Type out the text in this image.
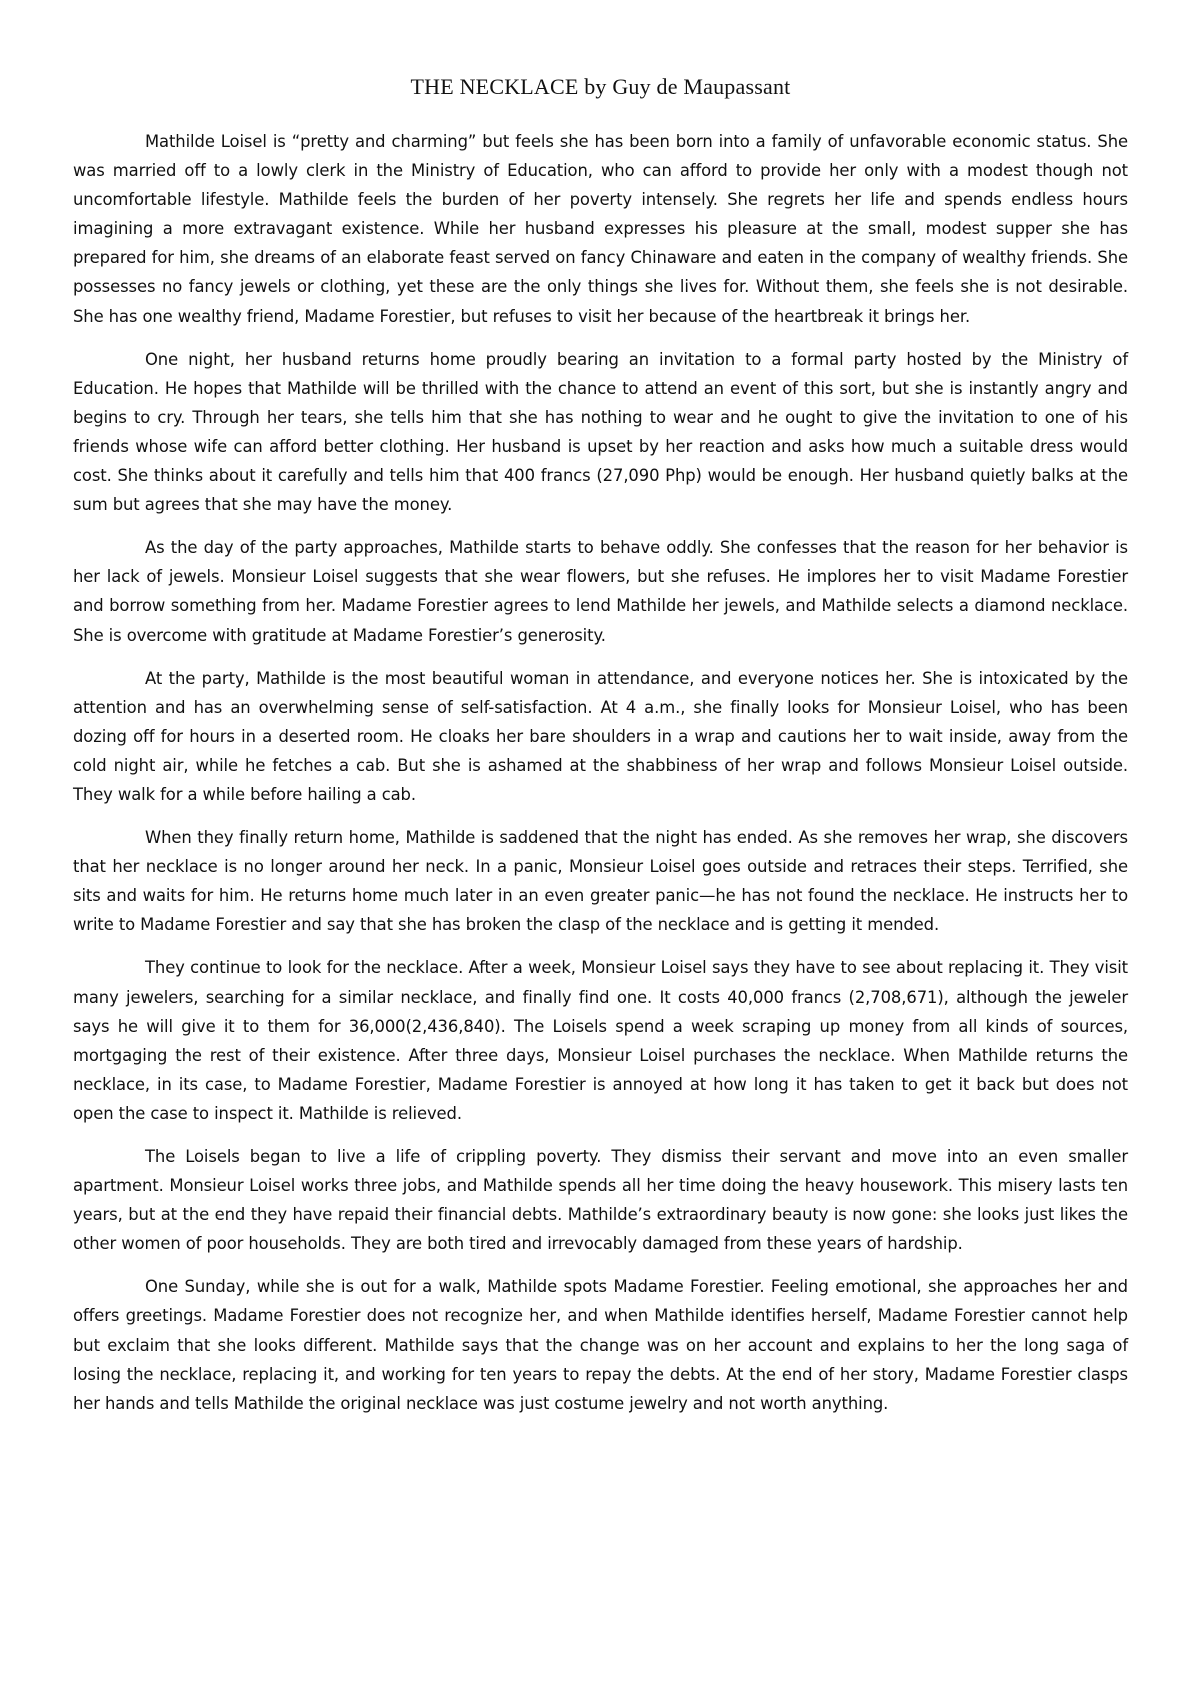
THE NECKLACE by Guy de Maupassant

Mathilde Loisel is “pretty and charming” but feels she has been born into a family of unfavorable economic status. She was married off to a lowly clerk in the Ministry of Education, who can afford to provide her only with a modest though not uncomfortable lifestyle. Mathilde feels the burden of her poverty intensely. She regrets her life and spends endless hours imagining a more extravagant existence. While her husband expresses his pleasure at the small, modest supper she has prepared for him, she dreams of an elaborate feast served on fancy Chinaware and eaten in the company of wealthy friends. She possesses no fancy jewels or clothing, yet these are the only things she lives for. Without them, she feels she is not desirable. She has one wealthy friend, Madame Forestier, but refuses to visit her because of the heartbreak it brings her.

One night, her husband returns home proudly bearing an invitation to a formal party hosted by the Ministry of Education. He hopes that Mathilde will be thrilled with the chance to attend an event of this sort, but she is instantly angry and begins to cry. Through her tears, she tells him that she has nothing to wear and he ought to give the invitation to one of his friends whose wife can afford better clothing. Her husband is upset by her reaction and asks how much a suitable dress would cost. She thinks about it carefully and tells him that 400 francs (27,090 Php) would be enough. Her husband quietly balks at the sum but agrees that she may have the money.

As the day of the party approaches, Mathilde starts to behave oddly. She confesses that the reason for her behavior is her lack of jewels. Monsieur Loisel suggests that she wear flowers, but she refuses. He implores her to visit Madame Forestier and borrow something from her. Madame Forestier agrees to lend Mathilde her jewels, and Mathilde selects a diamond necklace. She is overcome with gratitude at Madame Forestier’s generosity.

At the party, Mathilde is the most beautiful woman in attendance, and everyone notices her. She is intoxicated by the attention and has an overwhelming sense of self-satisfaction. At 4 a.m., she finally looks for Monsieur Loisel, who has been dozing off for hours in a deserted room. He cloaks her bare shoulders in a wrap and cautions her to wait inside, away from the cold night air, while he fetches a cab. But she is ashamed at the shabbiness of her wrap and follows Monsieur Loisel outside. They walk for a while before hailing a cab.

When they finally return home, Mathilde is saddened that the night has ended. As she removes her wrap, she discovers that her necklace is no longer around her neck. In a panic, Monsieur Loisel goes outside and retraces their steps. Terrified, she sits and waits for him. He returns home much later in an even greater panic—he has not found the necklace. He instructs her to write to Madame Forestier and say that she has broken the clasp of the necklace and is getting it mended.

They continue to look for the necklace. After a week, Monsieur Loisel says they have to see about replacing it. They visit many jewelers, searching for a similar necklace, and finally find one. It costs 40,000 francs (2,708,671), although the jeweler says he will give it to them for 36,000(2,436,840). The Loisels spend a week scraping up money from all kinds of sources, mortgaging the rest of their existence. After three days, Monsieur Loisel purchases the necklace. When Mathilde returns the necklace, in its case, to Madame Forestier, Madame Forestier is annoyed at how long it has taken to get it back but does not open the case to inspect it. Mathilde is relieved.

The Loisels began to live a life of crippling poverty. They dismiss their servant and move into an even smaller apartment. Monsieur Loisel works three jobs, and Mathilde spends all her time doing the heavy housework. This misery lasts ten years, but at the end they have repaid their financial debts. Mathilde’s extraordinary beauty is now gone: she looks just likes the other women of poor households. They are both tired and irrevocably damaged from these years of hardship.

One Sunday, while she is out for a walk, Mathilde spots Madame Forestier. Feeling emotional, she approaches her and offers greetings. Madame Forestier does not recognize her, and when Mathilde identifies herself, Madame Forestier cannot help but exclaim that she looks different. Mathilde says that the change was on her account and explains to her the long saga of losing the necklace, replacing it, and working for ten years to repay the debts. At the end of her story, Madame Forestier clasps her hands and tells Mathilde the original necklace was just costume jewelry and not worth anything.
